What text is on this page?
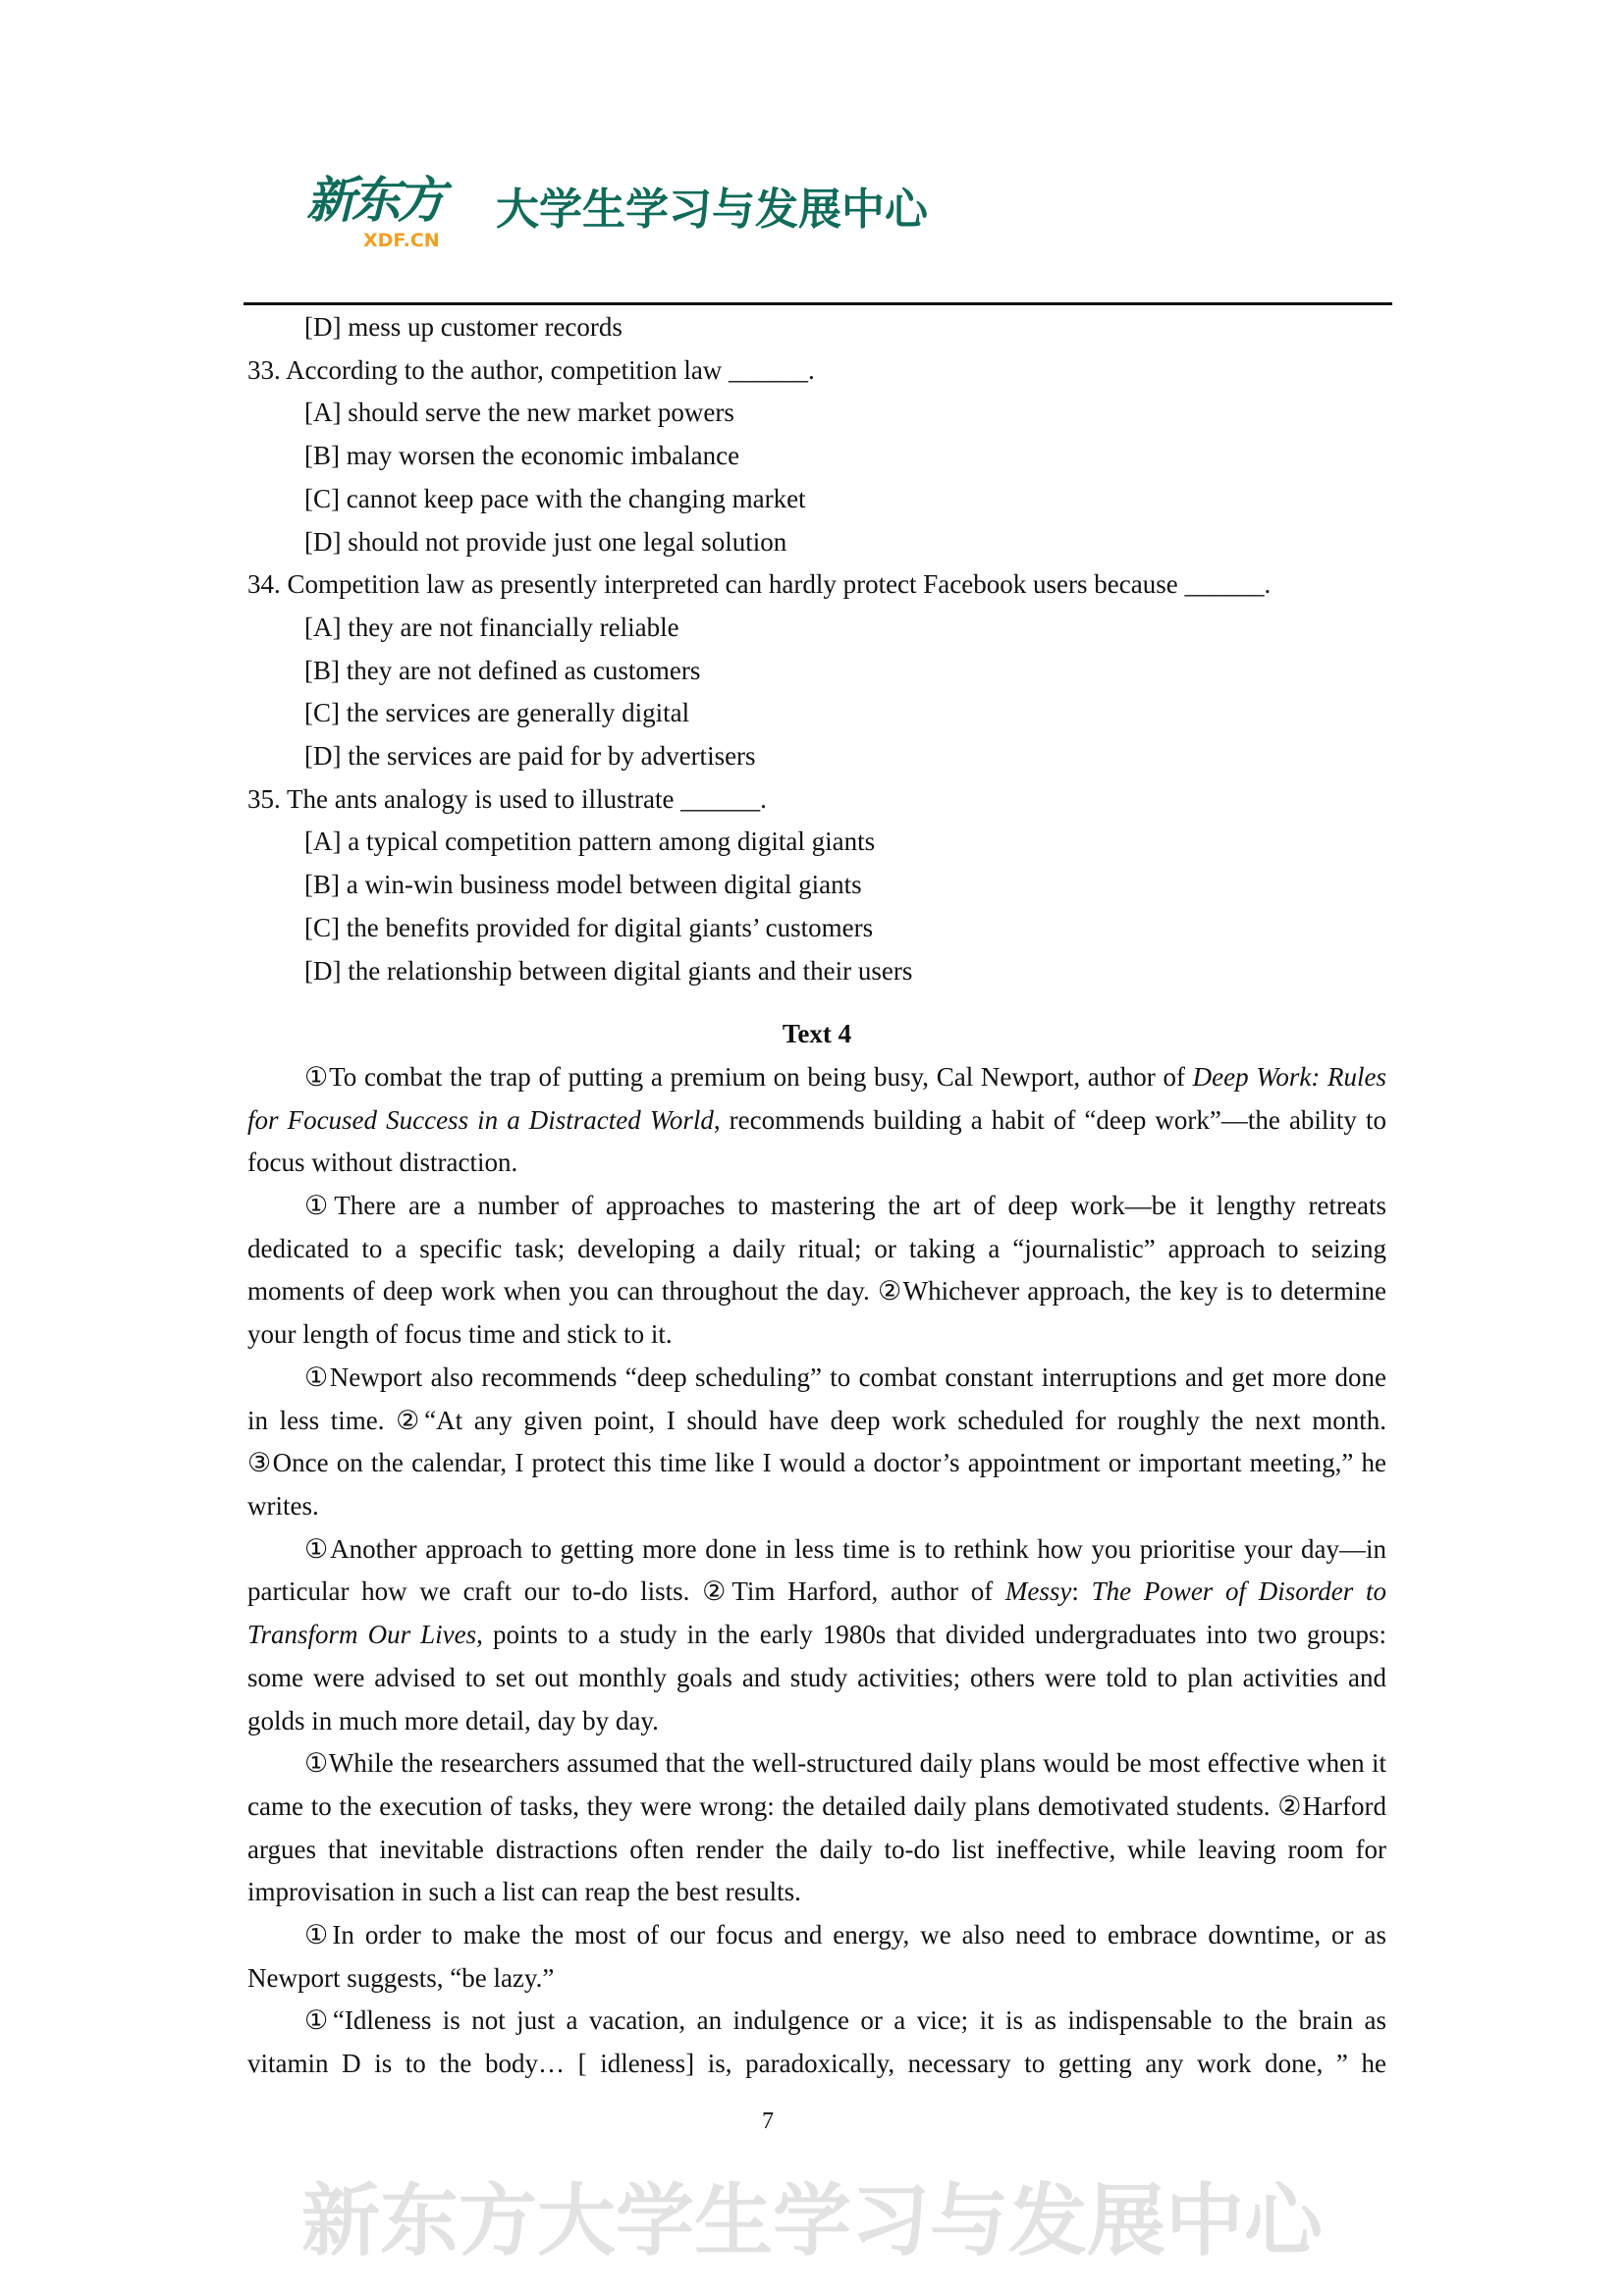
新东方
XDF.CN
大学生学习与发展中心
[D] mess up customer records
33. According to the author, competition law ______.
[A] should serve the new market powers
[B] may worsen the economic imbalance
[C] cannot keep pace with the changing market
[D] should not provide just one legal solution
34. Competition law as presently interpreted can hardly protect Facebook users because ______.
[A] they are not financially reliable
[B] they are not defined as customers
[C] the services are generally digital
[D] the services are paid for by advertisers
35. The ants analogy is used to illustrate ______.
[A] a typical competition pattern among digital giants
[B] a win-win business model between digital giants
[C] the benefits provided for digital giants’ customers
[D] the relationship between digital giants and their users
Text 4

①To combat the trap of putting a premium on being busy, Cal Newport, author of Deep Work: Rules for Focused Success in a Distracted World, recommends building a habit of “deep work”—the ability to focus without distraction.

①There are a number of approaches to mastering the art of deep work—be it lengthy retreats dedicated to a specific task; developing a daily ritual; or taking a “journalistic” approach to seizing moments of deep work when you can throughout the day. ②Whichever approach, the key is to determine your length of focus time and stick to it.

①Newport also recommends “deep scheduling” to combat constant interruptions and get more done in less time. ②“At any given point, I should have deep work scheduled for roughly the next month. ③Once on the calendar, I protect this time like I would a doctor’s appointment or important meeting,” he writes.

①Another approach to getting more done in less time is to rethink how you prioritise your day—in particular how we craft our to-do lists. ②Tim Harford, author of Messy: The Power of Disorder to Transform Our Lives, points to a study in the early 1980s that divided undergraduates into two groups: some were advised to set out monthly goals and study activities; others were told to plan activities and golds in much more detail, day by day.

①While the researchers assumed that the well-structured daily plans would be most effective when it came to the execution of tasks, they were wrong: the detailed daily plans demotivated students. ②Harford argues that inevitable distractions often render the daily to-do list ineffective, while leaving room for improvisation in such a list can reap the best results.

①In order to make the most of our focus and energy, we also need to embrace downtime, or as Newport suggests, “be lazy.”

①“Idleness is not just a vacation, an indulgence or a vice; it is as indispensable to the brain as vitamin D is to the body… [ idleness] is, paradoxically, necessary to getting any work done, ” he

7
新东方大学生学习与发展中心
